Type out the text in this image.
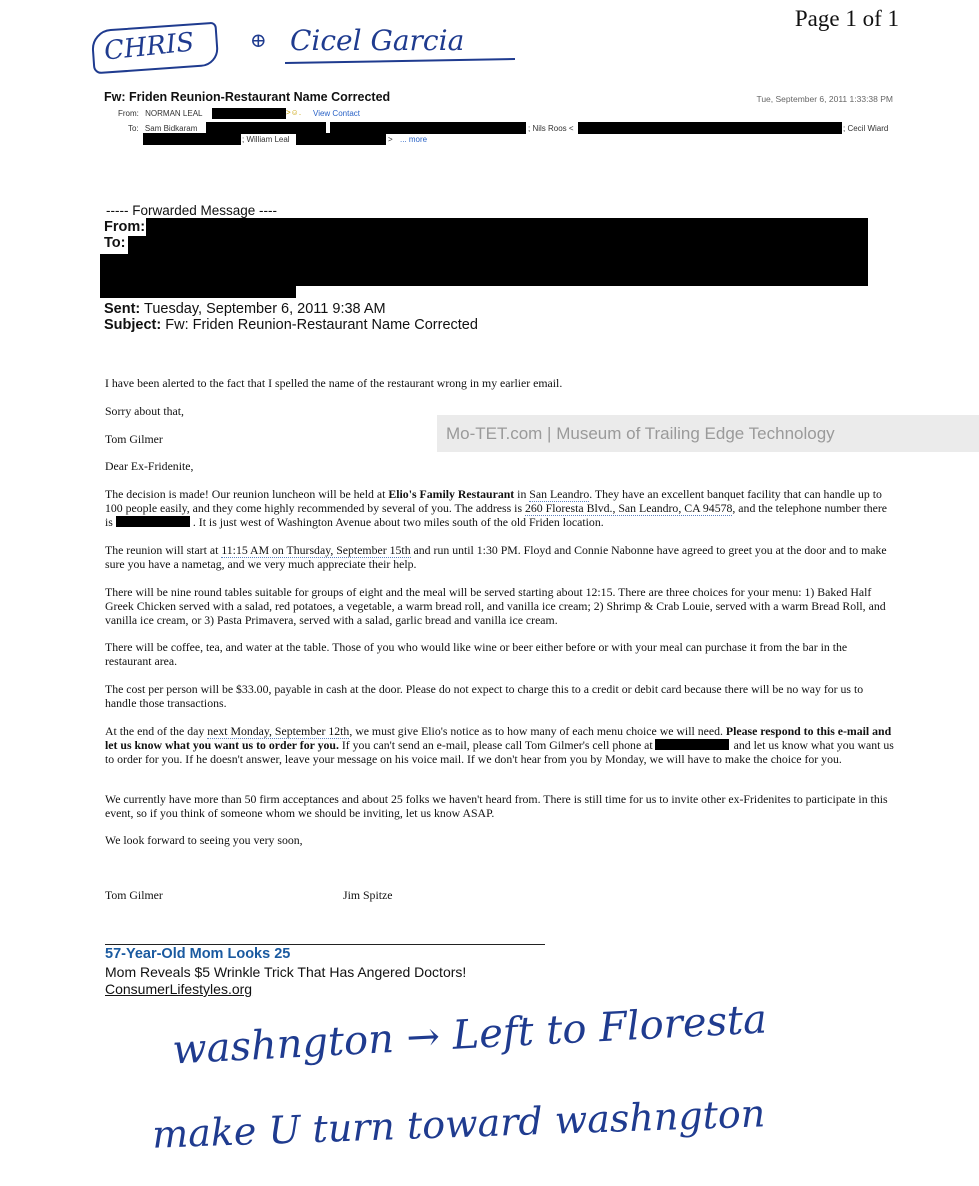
Page 1 of 1
CHRIS	⊕ Cicel Garcia
Fw: Friden Reunion-Restaurant Name Corrected	Tue, September 6, 2011 1:33:38 PM
From: NORMAN LEAL	>☺. View Contact
To: Sam Bidkaram	; Nils Roos <	; Cecil Wiard
; William Leal	> ... more
----- Forwarded Message ----
From:
To:
Sent: Tuesday, September 6, 2011 9:38 AM
Subject: Fw: Friden Reunion-Restaurant Name Corrected
I have been alerted to the fact that I spelled the name of the restaurant wrong in my earlier email.
Sorry about that,
Tom Gilmer
Dear Ex-Fridenite,

The decision is made! Our reunion luncheon will be held at Elio's Family Restaurant in San Leandro. They have an excellent banquet facility that can handle up to 100 people easily, and they come highly recommended by several of you. The address is 260 Floresta Blvd., San Leandro, CA 94578, and the telephone number there is	. It is just west of Washington Avenue about two miles south of the old Friden location.

The reunion will start at 11:15 AM on Thursday, September 15th and run until 1:30 PM. Floyd and Connie Nabonne have agreed to greet you at the door and to make sure you have a nametag, and we very much appreciate their help.

There will be nine round tables suitable for groups of eight and the meal will be served starting about 12:15. There are three choices for your menu: 1) Baked Half Greek Chicken served with a salad, red potatoes, a vegetable, a warm bread roll, and vanilla ice cream; 2) Shrimp & Crab Louie, served with a warm Bread Roll, and vanilla ice cream, or 3) Pasta Primavera, served with a salad, garlic bread and vanilla ice cream.
There will be coffee, tea, and water at the table. Those of you who would like wine or beer either before or with your meal can purchase it from the bar in the restaurant area.
The cost per person will be $33.00, payable in cash at the door. Please do not expect to charge this to a credit or debit card because there will be no way for us to handle those transactions.

At the end of the day next Monday, September 12th, we must give Elio's notice as to how many of each menu choice we will need. Please respond to this e-mail and let us know what you want us to order for you. If you can't send an e-mail, please call Tom Gilmer's cell phone at	and let us know what you want us to order for you. If he doesn't answer, leave your message on his voice mail. If we don't hear from you by Monday, we will have to make the choice for you.

We currently have more than 50 firm acceptances and about 25 folks we haven't heard from. There is still time for us to invite other ex-Fridenites to participate in this event, so if you think of someone whom we should be inviting, let us know ASAP.
We look forward to seeing you very soon,
Tom Gilmer	Jim Spitze
57-Year-Old Mom Looks 25
Mom Reveals $5 Wrinkle Trick That Has Angered Doctors!
ConsumerLifestyles.org
Mo-TET.com | Museum of Trailing Edge Technology
washngton → Left to Floresta
make U turn toward washngton
